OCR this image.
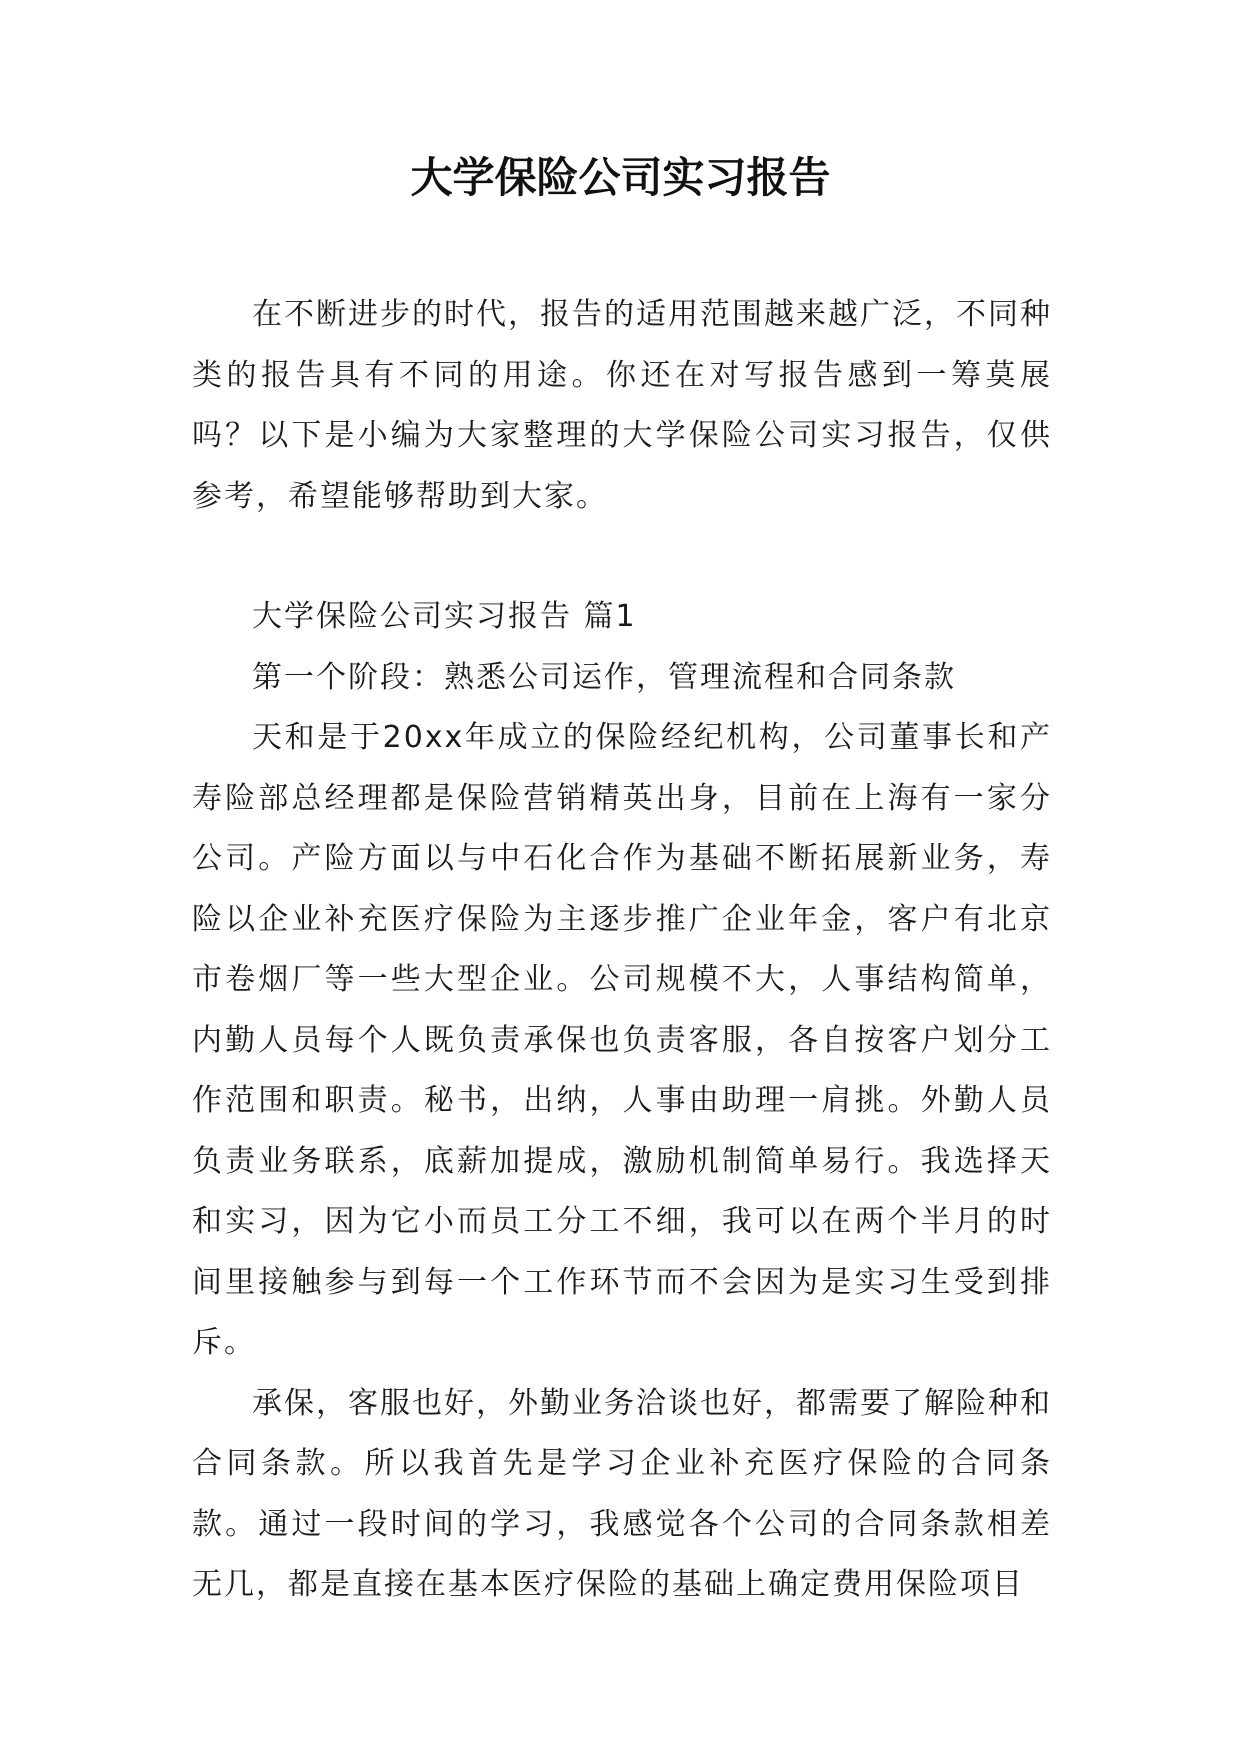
大学保险公司实习报告

在不断进步的时代，报告的适用范围越来越广泛，不同种类的报告具有不同的用途。你还在对写报告感到一筹莫展吗？以下是小编为大家整理的大学保险公司实习报告，仅供参考，希望能够帮助到大家。

大学保险公司实习报告 篇1

第一个阶段：熟悉公司运作，管理流程和合同条款

天和是于20xx年成立的保险经纪机构，公司董事长和产寿险部总经理都是保险营销精英出身，目前在上海有一家分公司。产险方面以与中石化合作为基础不断拓展新业务，寿险以企业补充医疗保险为主逐步推广企业年金，客户有北京市卷烟厂等一些大型企业。公司规模不大，人事结构简单，内勤人员每个人既负责承保也负责客服，各自按客户划分工作范围和职责。秘书，出纳，人事由助理一肩挑。外勤人员负责业务联系，底薪加提成，激励机制简单易行。我选择天和实习，因为它小而员工分工不细，我可以在两个半月的时间里接触参与到每一个工作环节而不会因为是实习生受到排斥。

承保，客服也好，外勤业务洽谈也好，都需要了解险种和合同条款。所以我首先是学习企业补充医疗保险的合同条款。通过一段时间的学习，我感觉各个公司的合同条款相差无几，都是直接在基本医疗保险的基础上确定费用保险项目
